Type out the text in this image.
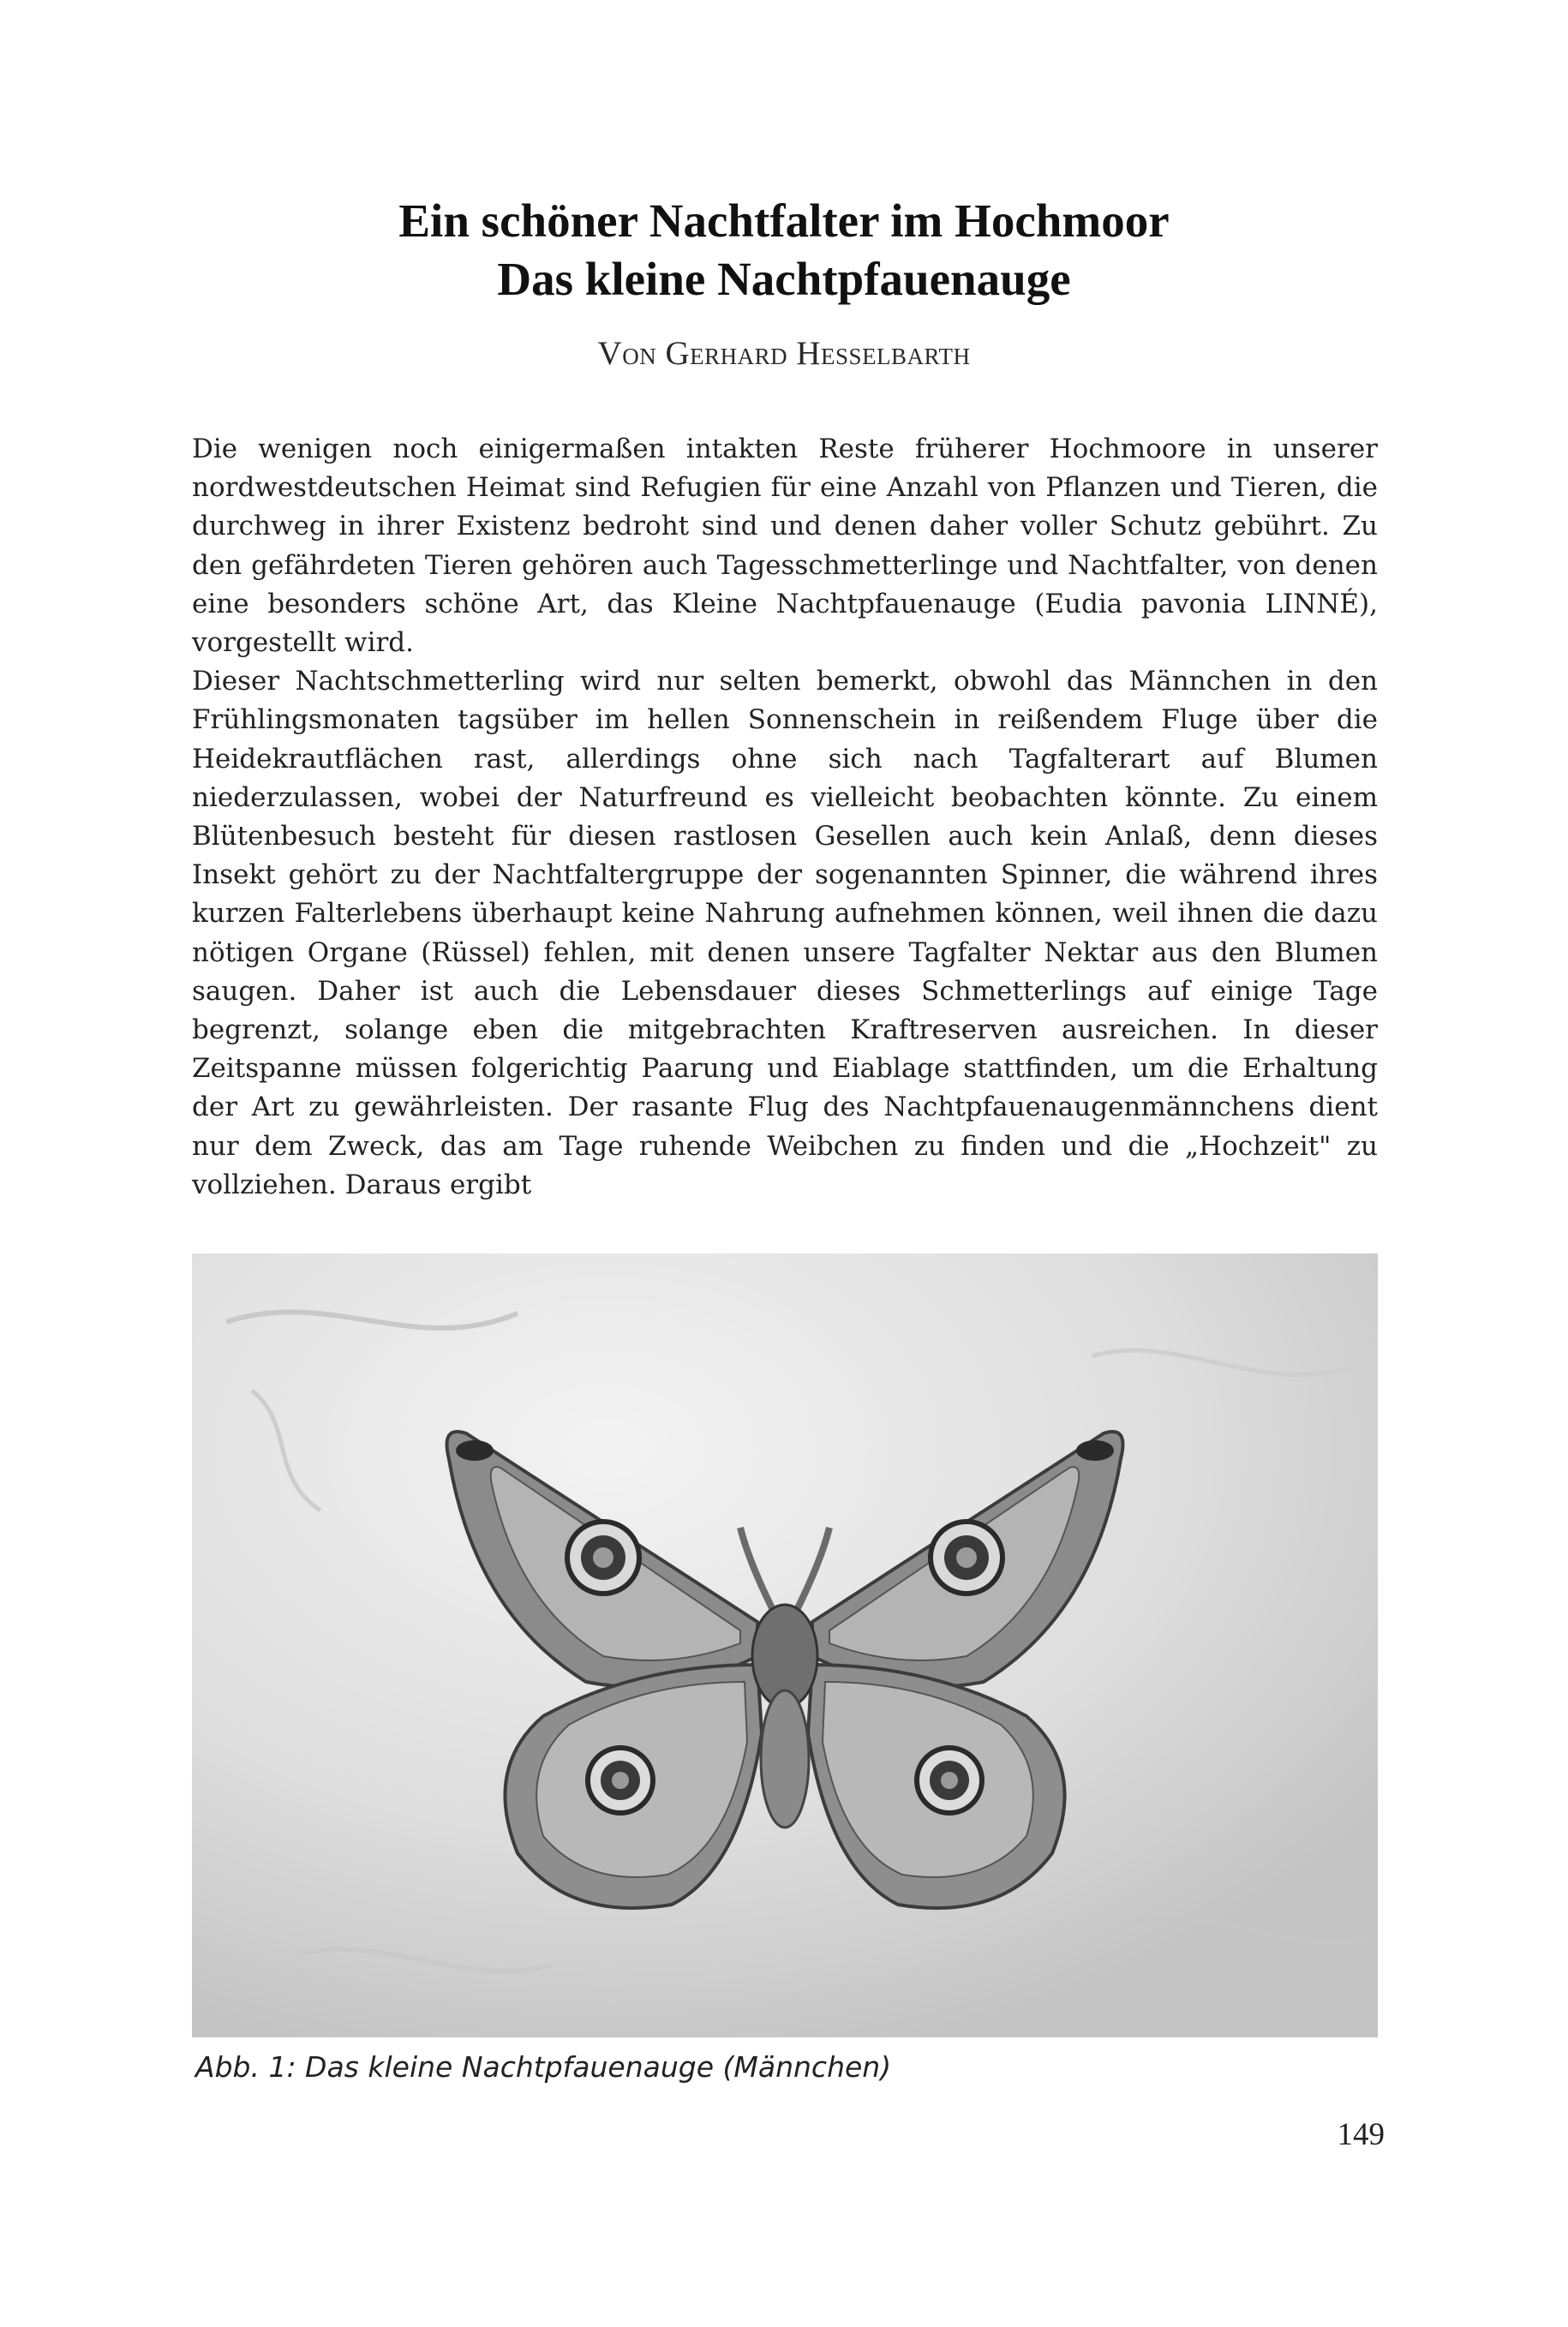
Ein schöner Nachtfalter im Hochmoor
Das kleine Nachtpfauenauge
Von Gerhard Hesselbarth

Die wenigen noch einigermaßen intakten Reste früherer Hochmoore in unserer nordwestdeutschen Heimat sind Refugien für eine Anzahl von Pflanzen und Tieren, die durchweg in ihrer Existenz bedroht sind und denen daher voller Schutz gebührt. Zu den gefährdeten Tieren gehören auch Tagesschmetterlinge und Nachtfalter, von denen eine besonders schöne Art, das Kleine Nachtpfauenauge (Eudia pavonia LINNÉ), vorgestellt wird.

Dieser Nachtschmetterling wird nur selten bemerkt, obwohl das Männchen in den Frühlingsmonaten tagsüber im hellen Sonnenschein in reißendem Fluge über die Heidekrautflächen rast, allerdings ohne sich nach Tagfalterart auf Blumen niederzulassen, wobei der Naturfreund es vielleicht beobachten könnte. Zu einem Blütenbesuch besteht für diesen rastlosen Gesellen auch kein Anlaß, denn dieses Insekt gehört zu der Nachtfaltergruppe der sogenannten Spinner, die während ihres kurzen Falterlebens überhaupt keine Nahrung aufnehmen können, weil ihnen die dazu nötigen Organe (Rüssel) fehlen, mit denen unsere Tagfalter Nektar aus den Blumen saugen. Daher ist auch die Lebensdauer dieses Schmetterlings auf einige Tage begrenzt, solange eben die mitgebrachten Kraftreserven ausreichen. In dieser Zeitspanne müssen folgerichtig Paarung und Eiablage stattfinden, um die Erhaltung der Art zu gewährleisten. Der rasante Flug des Nachtpfauenaugenmännchens dient nur dem Zweck, das am Tage ruhende Weibchen zu finden und die „Hochzeit" zu vollziehen. Daraus ergibt

Abb. 1: Das kleine Nachtpfauenauge (Männchen)
149
